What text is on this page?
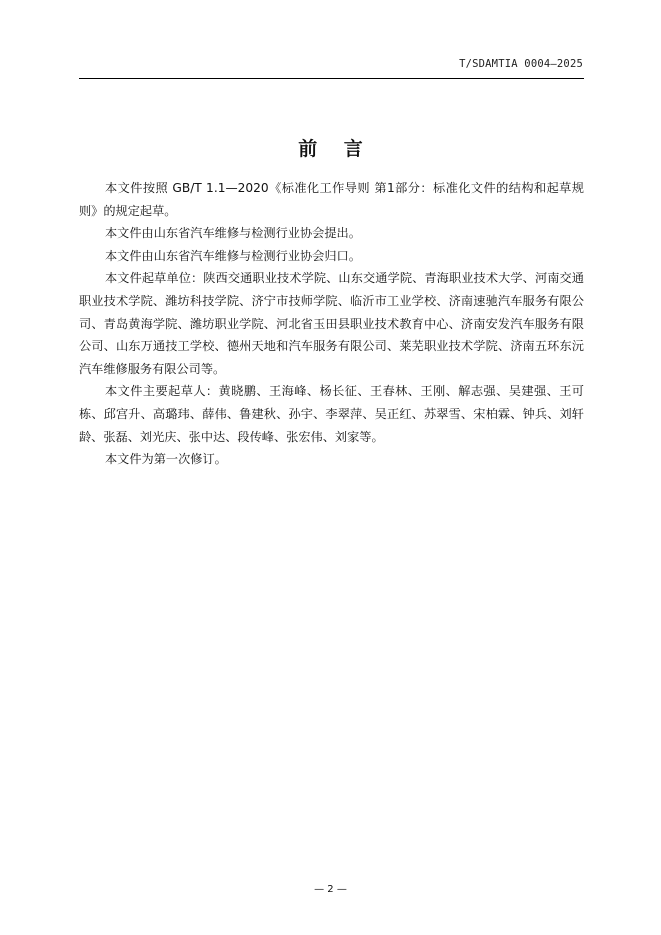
T/SDAMTIA 0004—2025
前 言

本文件按照 GB/T 1.1—2020《标准化工作导则 第1部分：标准化文件的结构和起草规则》的规定起草。

本文件由山东省汽车维修与检测行业协会提出。

本文件由山东省汽车维修与检测行业协会归口。

本文件起草单位：陕西交通职业技术学院、山东交通学院、青海职业技术大学、河南交通职业技术学院、潍坊科技学院、济宁市技师学院、临沂市工业学校、济南速驰汽车服务有限公司、青岛黄海学院、潍坊职业学院、河北省玉田县职业技术教育中心、济南安发汽车服务有限公司、山东万通技工学校、德州天地和汽车服务有限公司、莱芜职业技术学院、济南五环东沅汽车维修服务有限公司等。

本文件主要起草人：黄晓鹏、王海峰、杨长征、王春林、王刚、解志强、吴建强、王可栋、邱宫升、高璐玮、薛伟、鲁建秋、孙宇、李翠萍、吴正红、苏翠雪、宋柏霖、钟兵、刘轩龄、张磊、刘光庆、张中达、段传峰、张宏伟、刘家等。

本文件为第一次修订。

— 2 —
